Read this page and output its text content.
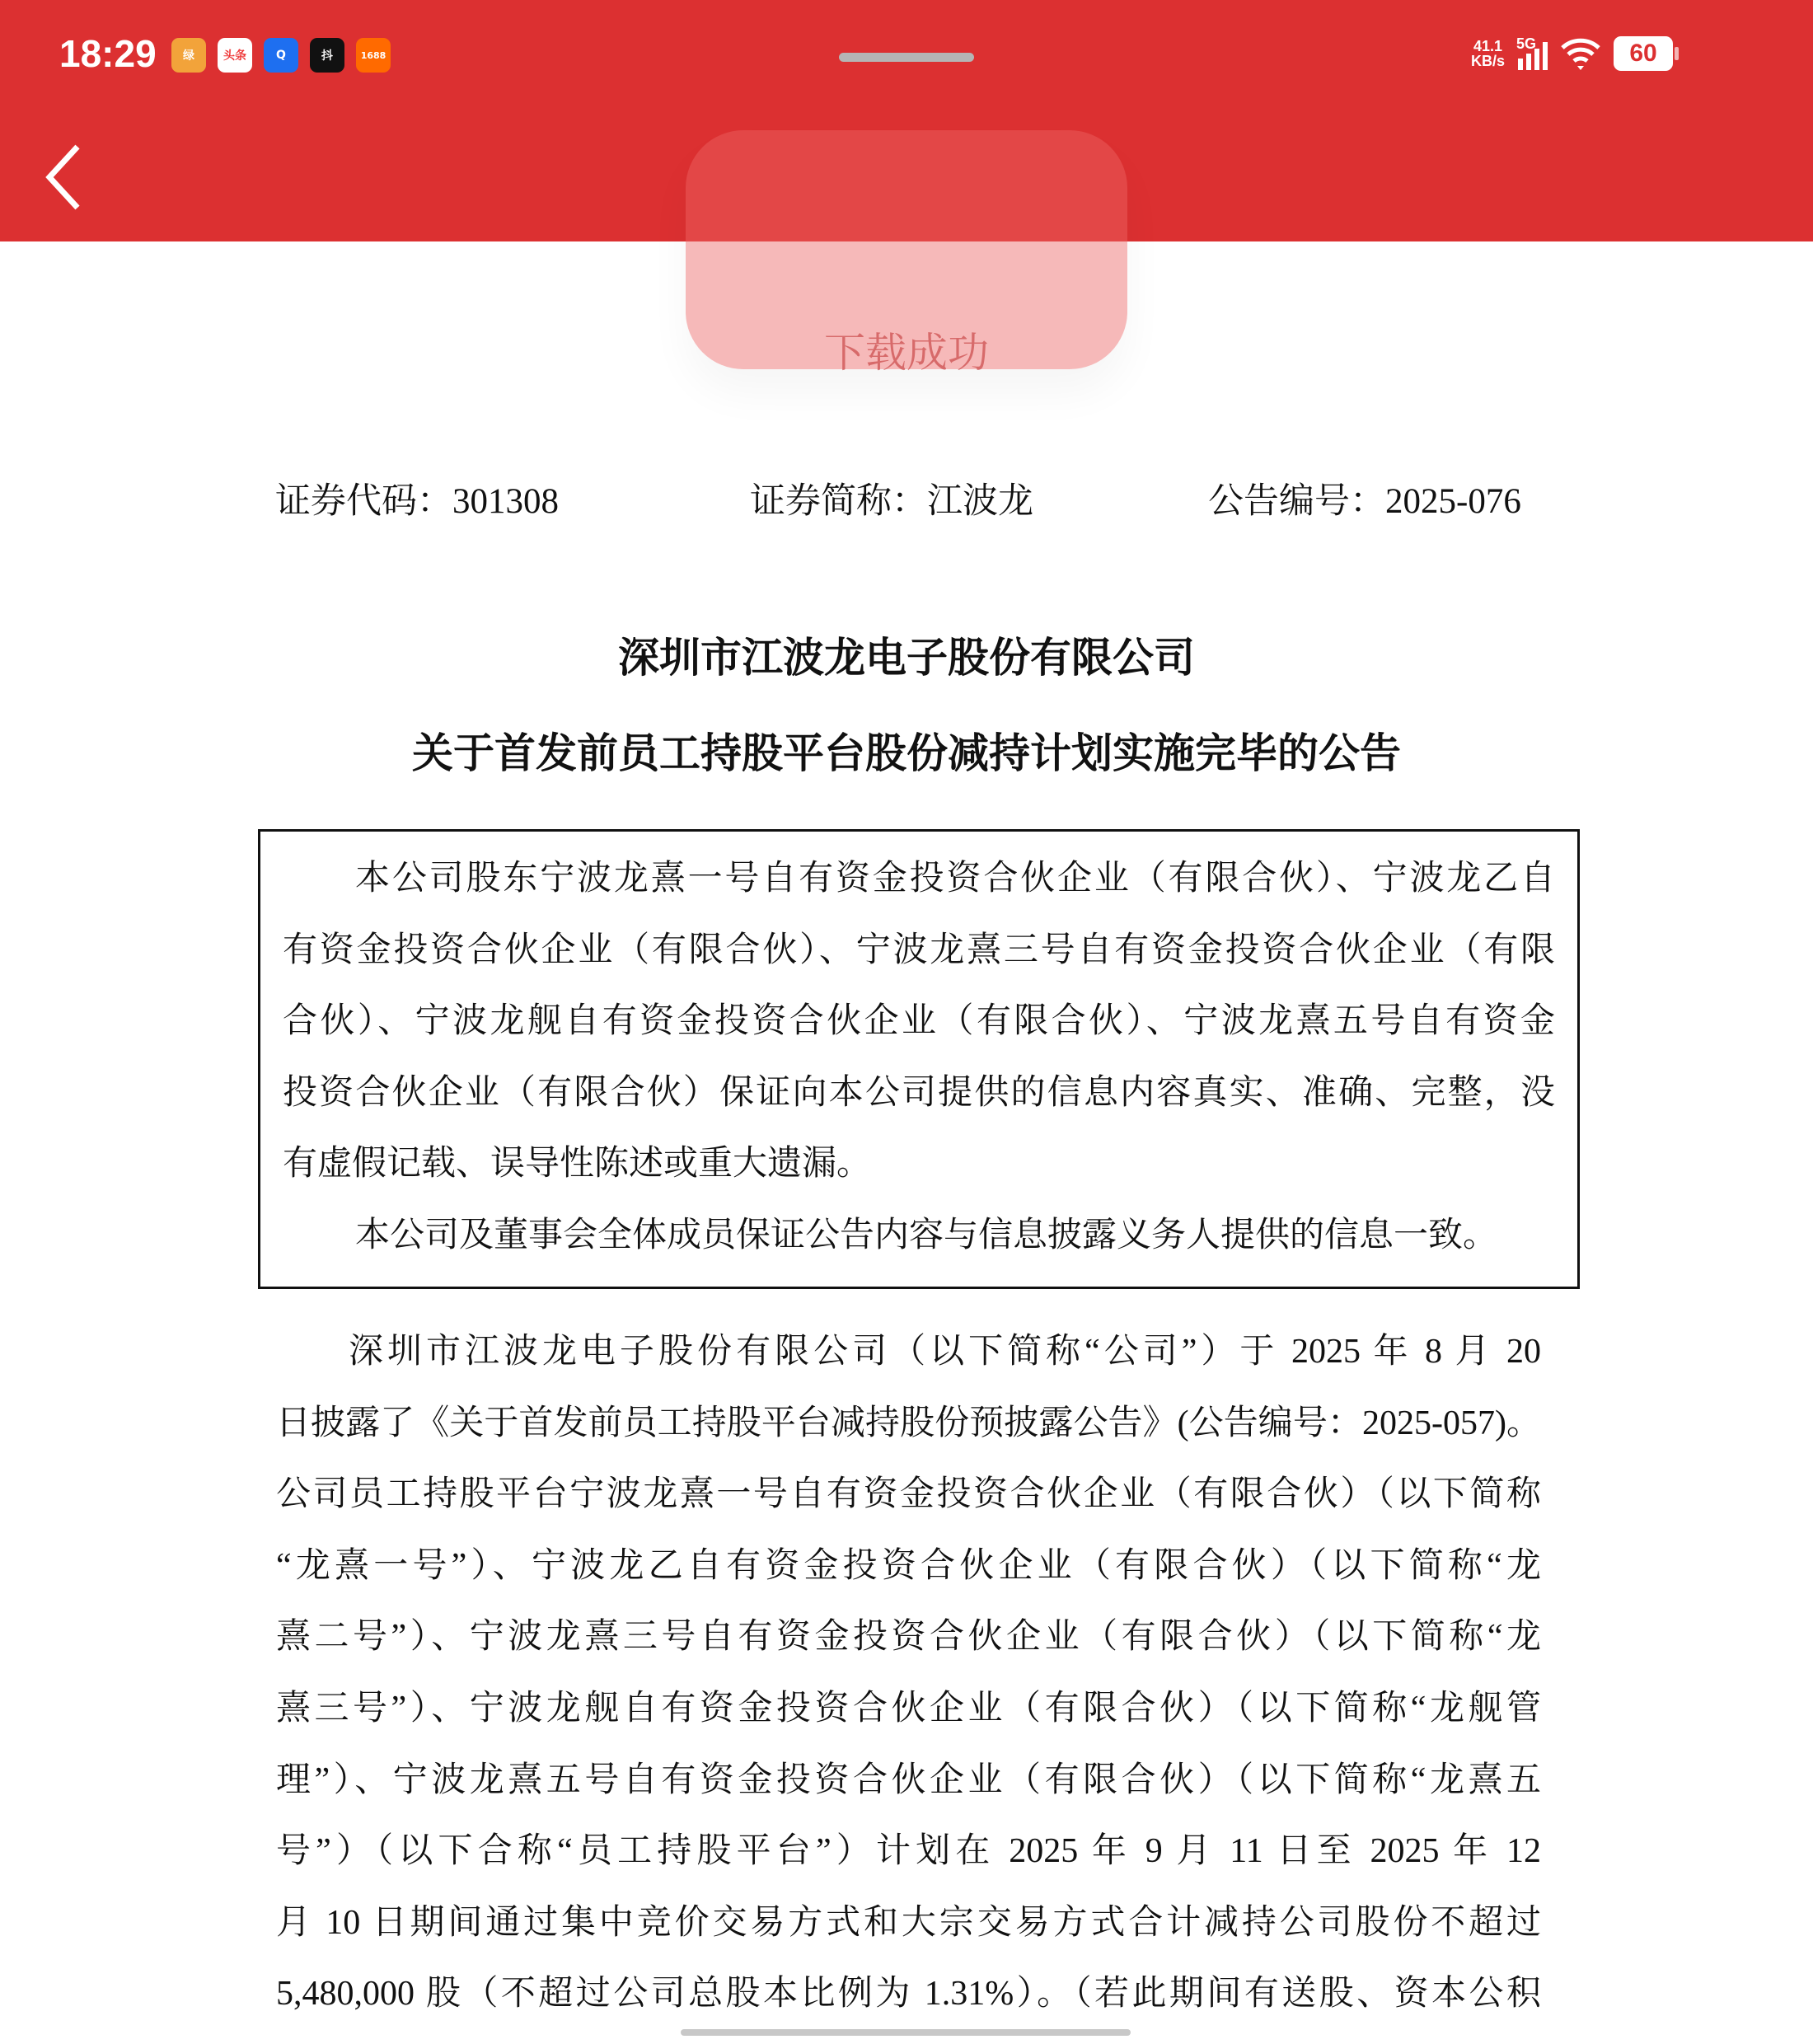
18:29	绿	头条	Q	抖	1688
41.1
KB/s
5G	60
下载成功
证券代码：301308	证券简称：江波龙	公告编号：2025-076
深圳市江波龙电子股份有限公司
关于首发前员工持股平台股份减持计划实施完毕的公告
本公司股东宁波龙熹一号自有资金投资合伙企业（有限合伙）、宁波龙乙自
有资金投资合伙企业（有限合伙）、宁波龙熹三号自有资金投资合伙企业（有限
合伙）、宁波龙舰自有资金投资合伙企业（有限合伙）、宁波龙熹五号自有资金
投资合伙企业（有限合伙）保证向本公司提供的信息内容真实、准确、完整，没
有虚假记载、误导性陈述或重大遗漏。
本公司及董事会全体成员保证公告内容与信息披露义务人提供的信息一致。
深圳市江波龙电子股份有限公司（以下简称“公司”）于 2025 年 8 月 20
日披露了《关于首发前员工持股平台减持股份预披露公告》(公告编号：2025-057)。
公司员工持股平台宁波龙熹一号自有资金投资合伙企业（有限合伙）（以下简称
“龙熹一号”）、宁波龙乙自有资金投资合伙企业（有限合伙）（以下简称“龙
熹二号”）、宁波龙熹三号自有资金投资合伙企业（有限合伙）（以下简称“龙
熹三号”）、宁波龙舰自有资金投资合伙企业（有限合伙）（以下简称“龙舰管
理”）、宁波龙熹五号自有资金投资合伙企业（有限合伙）（以下简称“龙熹五
号”）（以下合称“员工持股平台”）计划在 2025 年 9 月 11 日至 2025 年 12
月 10 日期间通过集中竞价交易方式和大宗交易方式合计减持公司股份不超过
5,480,000 股（不超过公司总股本比例为 1.31%）。（若此期间有送股、资本公积
